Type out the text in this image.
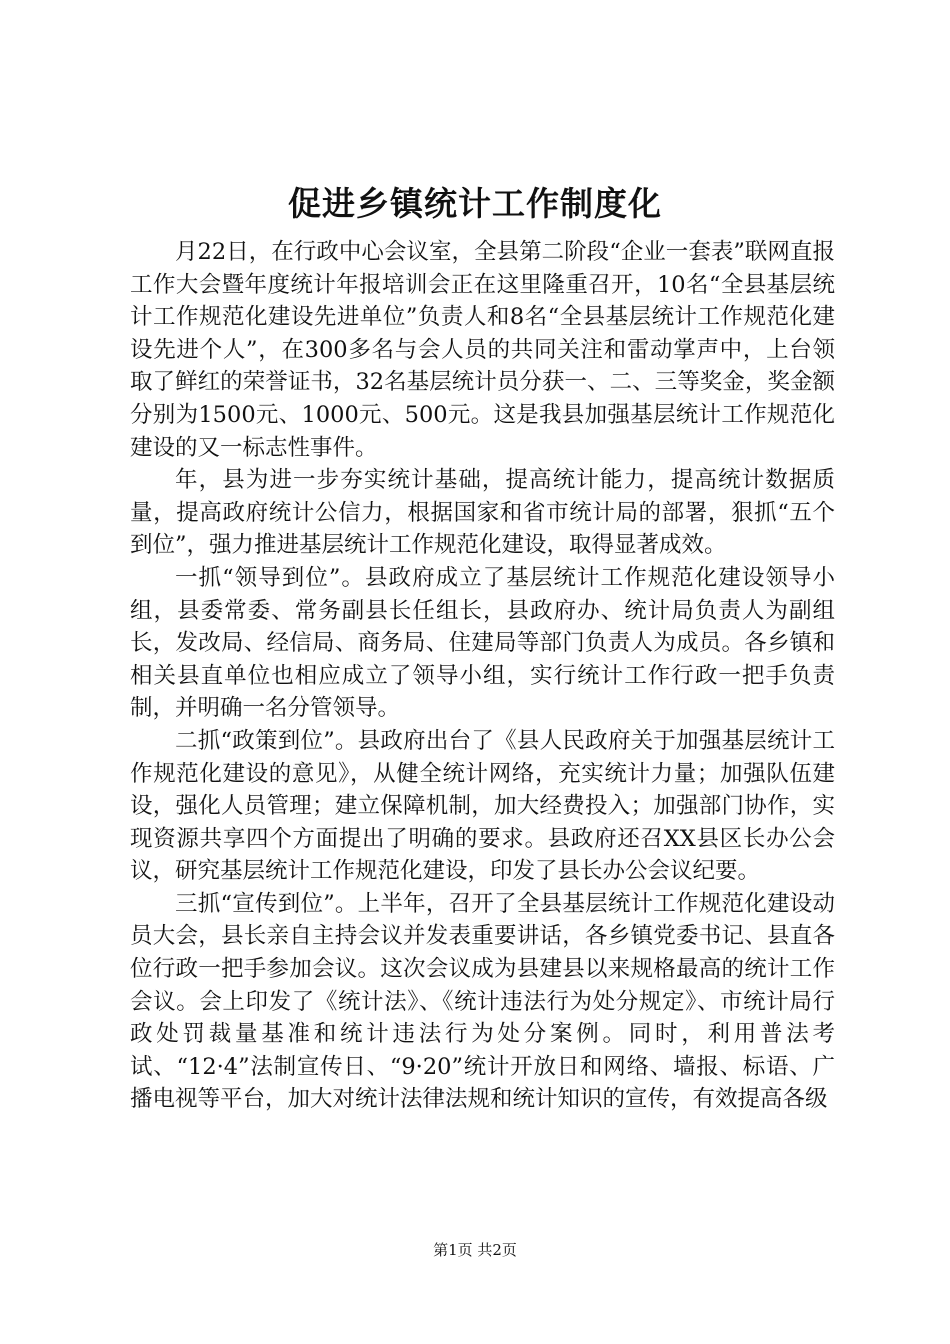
促进乡镇统计工作制度化

月22日，在行政中心会议室，全县第二阶段“企业一套表”联网直报工作大会暨年度统计年报培训会正在这里隆重召开，10名“全县基层统计工作规范化建设先进单位”负责人和8名“全县基层统计工作规范化建设先进个人”，在300多名与会人员的共同关注和雷动掌声中，上台领取了鲜红的荣誉证书，32名基层统计员分获一、二、三等奖金，奖金额分别为1500元、1000元、500元。这是我县加强基层统计工作规范化建设的又一标志性事件。

年，县为进一步夯实统计基础，提高统计能力，提高统计数据质量，提高政府统计公信力，根据国家和省市统计局的部署，狠抓“五个到位”，强力推进基层统计工作规范化建设，取得显著成效。

一抓“领导到位”。县政府成立了基层统计工作规范化建设领导小组，县委常委、常务副县长任组长，县政府办、统计局负责人为副组长，发改局、经信局、商务局、住建局等部门负责人为成员。各乡镇和相关县直单位也相应成立了领导小组，实行统计工作行政一把手负责制，并明确一名分管领导。

二抓“政策到位”。县政府出台了《县人民政府关于加强基层统计工作规范化建设的意见》，从健全统计网络，充实统计力量；加强队伍建设，强化人员管理；建立保障机制，加大经费投入；加强部门协作，实现资源共享四个方面提出了明确的要求。县政府还召XX县区长办公会议，研究基层统计工作规范化建设，印发了县长办公会议纪要。

三抓“宣传到位”。上半年，召开了全县基层统计工作规范化建设动员大会，县长亲自主持会议并发表重要讲话，各乡镇党委书记、县直各位行政一把手参加会议。这次会议成为县建县以来规格最高的统计工作会议。会上印发了《统计法》、《统计违法行为处分规定》、市统计局行政处罚裁量基准和统计违法行为处分案例。同时，利用普法考试、“12·4”法制宣传日、“9·20”统计开放日和网络、墙报、标语、广播电视等平台，加大对统计法律法规和统计知识的宣传，有效提高各级

第1页 共2页
